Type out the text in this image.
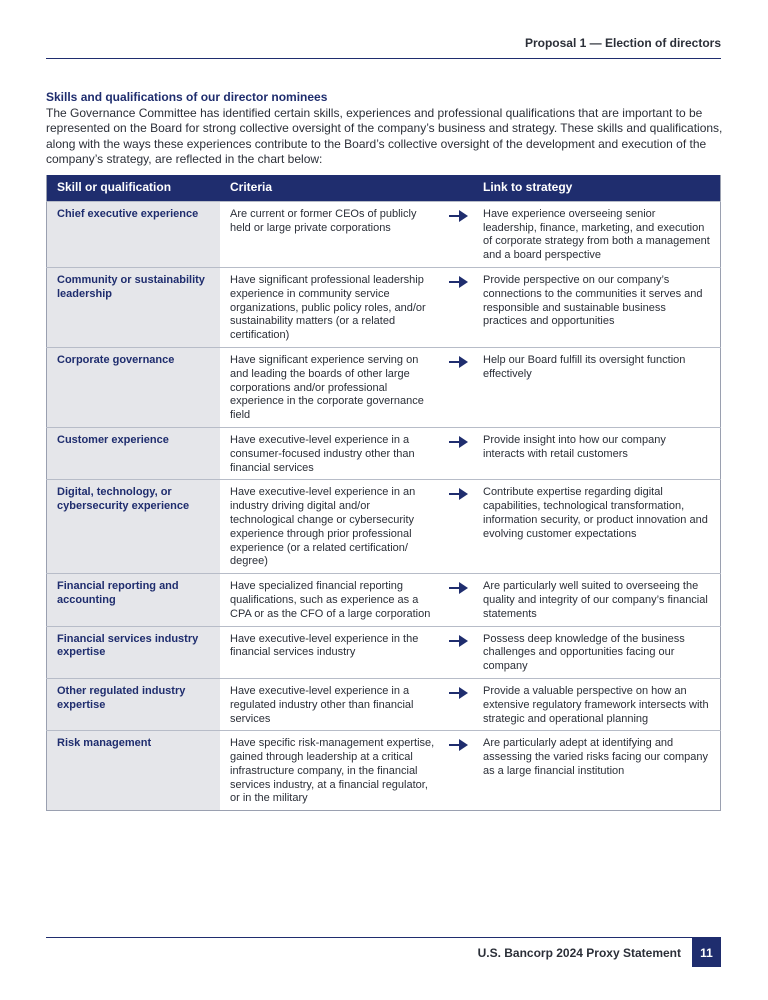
Proposal 1 — Election of directors
Skills and qualifications of our director nominees
The Governance Committee has identified certain skills, experiences and professional qualifications that are important to be represented on the Board for strong collective oversight of the company’s business and strategy. These skills and qualifications, along with the ways these experiences contribute to the Board’s collective oversight of the development and execution of the company’s strategy, are reflected in the chart below:
Skill or qualification	Criteria		Link to strategy
Chief executive experience	Are current or former CEOs of publicly held or large private corporations		Have experience overseeing senior leadership, finance, marketing, and execution of corporate strategy from both a management and a board perspective
Community or sustainability leadership	Have significant professional leadership experience in community service organizations, public policy roles, and/or sustainability matters (or a related certification)		Provide perspective on our company’s connections to the communities it serves and responsible and sustainable business practices and opportunities
Corporate governance	Have significant experience serving on and leading the boards of other large corporations and/or professional experience in the corporate governance field		Help our Board fulfill its oversight function effectively
Customer experience	Have executive-level experience in a consumer-focused industry other than financial services		Provide insight into how our company interacts with retail customers
Digital, technology, or cybersecurity experience	Have executive-level experience in an industry driving digital and/or technological change or cybersecurity experience through prior professional experience (or a related certification/ degree)		Contribute expertise regarding digital capabilities, technological transformation, information security, or product innovation and evolving customer expectations
Financial reporting and accounting	Have specialized financial reporting qualifications, such as experience as a CPA or as the CFO of a large corporation		Are particularly well suited to overseeing the quality and integrity of our company’s financial statements
Financial services industry expertise	Have executive-level experience in the financial services industry		Possess deep knowledge of the business challenges and opportunities facing our company
Other regulated industry expertise	Have executive-level experience in a regulated industry other than financial services		Provide a valuable perspective on how an extensive regulatory framework intersects with strategic and operational planning
Risk management	Have specific risk-management expertise, gained through leadership at a critical infrastructure company, in the financial services industry, at a financial regulator, or in the military		Are particularly adept at identifying and assessing the varied risks facing our company as a large financial institution
U.S. Bancorp 2024 Proxy Statement	11
